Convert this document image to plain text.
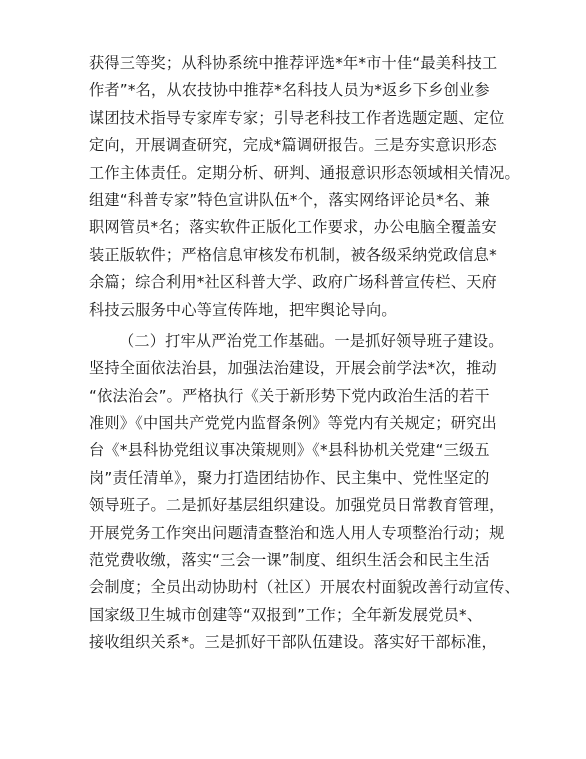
获得三等奖；从科协系统中推荐评选*年*市十佳“最美科技工
作者”*名，从农技协中推荐*名科技人员为*返乡下乡创业参
谋团技术指导专家库专家；引导老科技工作者选题定题、定位
定向，开展调查研究，完成*篇调研报告。三是夯实意识形态
工作主体责任。定期分析、研判、通报意识形态领域相关情况。
组建“科普专家”特色宣讲队伍*个，落实网络评论员*名、兼
职网管员*名；落实软件正版化工作要求，办公电脑全覆盖安
装正版软件；严格信息审核发布机制，被各级采纳党政信息*
余篇；综合利用*社区科普大学、政府广场科普宣传栏、天府
科技云服务中心等宣传阵地，把牢舆论导向。
（二）打牢从严治党工作基础。一是抓好领导班子建设。
坚持全面依法治县，加强法治建设，开展会前学法*次，推动
“依法治会”。严格执行《关于新形势下党内政治生活的若干
准则》《中国共产党党内监督条例》等党内有关规定；研究出
台《*县科协党组议事决策规则》《*县科协机关党建“三级五
岗”责任清单》，聚力打造团结协作、民主集中、党性坚定的
领导班子。二是抓好基层组织建设。加强党员日常教育管理，
开展党务工作突出问题清查整治和选人用人专项整治行动；规
范党费收缴，落实“三会一课”制度、组织生活会和民主生活
会制度；全员出动协助村（社区）开展农村面貌改善行动宣传、
国家级卫生城市创建等“双报到”工作；全年新发展党员*、
接收组织关系*。三是抓好干部队伍建设。落实好干部标准，
